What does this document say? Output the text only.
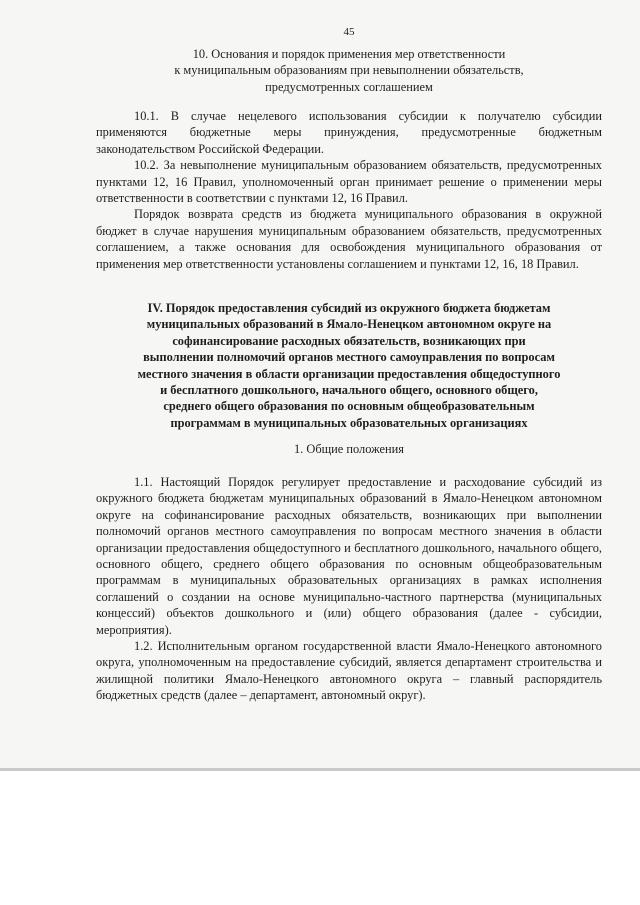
45

10. Основания и порядок применения мер ответственности

к муниципальным образованиям при невыполнении обязательств,

предусмотренных соглашением

10.1. В случае нецелевого использования субсидии к получателю субсидии применяются бюджетные меры принуждения, предусмотренные бюджетным законодательством Российской Федерации.

10.2. За невыполнение муниципальным образованием обязательств, предусмотренных пунктами 12, 16 Правил, уполномоченный орган принимает решение о применении меры ответственности в соответствии с пунктами 12, 16 Правил.

Порядок возврата средств из бюджета муниципального образования в окружной бюджет в случае нарушения муниципальным образованием обязательств, предусмотренных соглашением, а также основания для освобождения муниципального образования от применения мер ответственности установлены соглашением и пунктами 12, 16, 18 Правил.

IV. Порядок предоставления субсидий из окружного бюджета бюджетам

муниципальных образований в Ямало-Ненецком автономном округе на

софинансирование расходных обязательств, возникающих при

выполнении полномочий органов местного самоуправления по вопросам

местного значения в области организации предоставления общедоступного

и бесплатного дошкольного, начального общего, основного общего,

среднего общего образования по основным общеобразовательным

программам в муниципальных образовательных организациях

1. Общие положения

1.1. Настоящий Порядок регулирует предоставление и расходование субсидий из окружного бюджета бюджетам муниципальных образований в Ямало-Ненецком автономном округе на софинансирование расходных обязательств, возникающих при выполнении полномочий органов местного самоуправления по вопросам местного значения в области организации предоставления общедоступного и бесплатного дошкольного, начального общего, основного общего, среднего общего образования по основным общеобразовательным программам в муниципальных образовательных организациях в рамках исполнения соглашений о создании на основе муниципально-частного партнерства (муниципальных концессий) объектов дошкольного и (или) общего образования (далее - субсидии, мероприятия).

1.2. Исполнительным органом государственной власти Ямало-Ненецкого автономного округа, уполномоченным на предоставление субсидий, является департамент строительства и жилищной политики Ямало-Ненецкого автономного округа – главный распорядитель бюджетных средств (далее – департамент, автономный округ).
